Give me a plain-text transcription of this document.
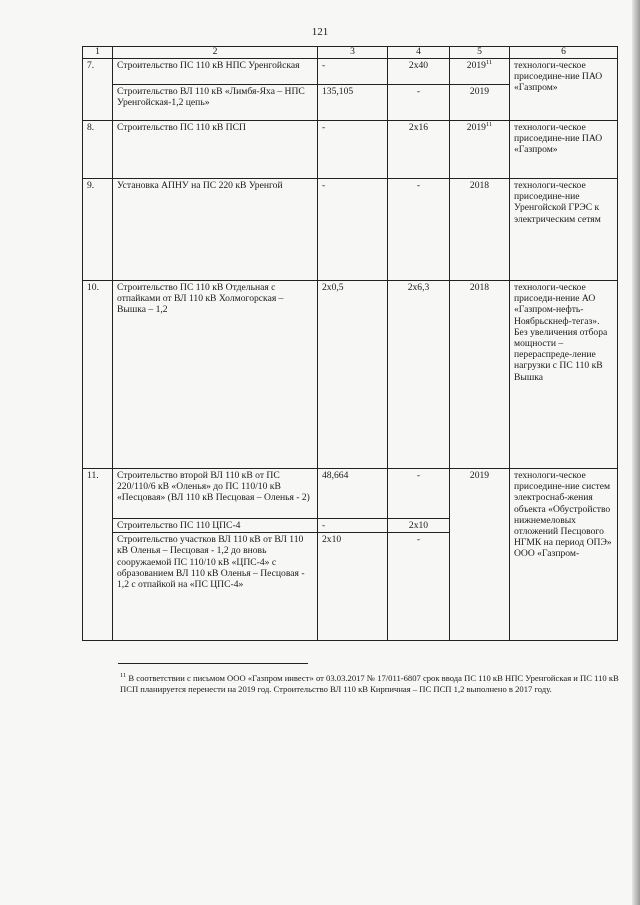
121
1	2	3	4	5	6
7.	Строительство ПС 110 кВ НПС Уренгойская	-	2х40	2019$^{11}$	технологи-ческое присоедине-ние ПАО «Газпром»
	Строительство ВЛ 110 кВ «Лимбя-Яха – НПС Уренгойская-1,2 цепь»	135,105	-	2019	
8.	Строительство ПС 110 кВ ПСП	-	2х16	2019$^{11}$	технологи-ческое присоедине-ние ПАО «Газпром»
9.	Установка АПНУ на ПС 220 кВ Уренгой	-	-	2018	технологи-ческое присоедине-ние Уренгойской ГРЭС к электрическим сетям
10.	Строительство ПС 110 кВ Отдельная с отпайками от ВЛ 110 кВ Холмогорская – Вышка – 1,2	2х0,5	2х6,3	2018	технологи-ческое присоеди-нение АО «Газпром-нефть-Ноябрьскнеф-тегаз». Без увеличения отбора мощности – перераспреде-ление нагрузки с ПС 110 кВ Вышка
11.	Строительство второй ВЛ 110 кВ от ПС 220/110/6 кВ «Оленья» до ПС 110/10 кВ «Песцовая» (ВЛ 110 кВ Песцовая – Оленья - 2)	48,664	-	2019	технологи-ческое присоедине-ние систем электроснаб-жения объекта «Обустройство нижнемеловых отложений Песцового НГМК на период ОПЭ» ООО «Газпром-
	Строительство ПС 110 ЦПС-4	-	2х10		
	Строительство участков ВЛ 110 кВ от ВЛ 110 кВ Оленья – Песцовая - 1,2 до вновь сооружаемой ПС 110/10 кВ «ЦПС-4» с образованием ВЛ 110 кВ Оленья – Песцовая - 1,2 с отпайкой на «ПС ЦПС-4»	2х10	-		
$^{11}$ В соответствии с письмом ООО «Газпром инвест» от 03.03.2017 № 17/011-6807 срок ввода ПС 110 кВ НПС Уренгойская и ПС 110 кВ ПСП планируется перенести на 2019 год. Строительство ВЛ 110 кВ Кирпичная – ПС ПСП 1,2 выполнено в 2017 году.
